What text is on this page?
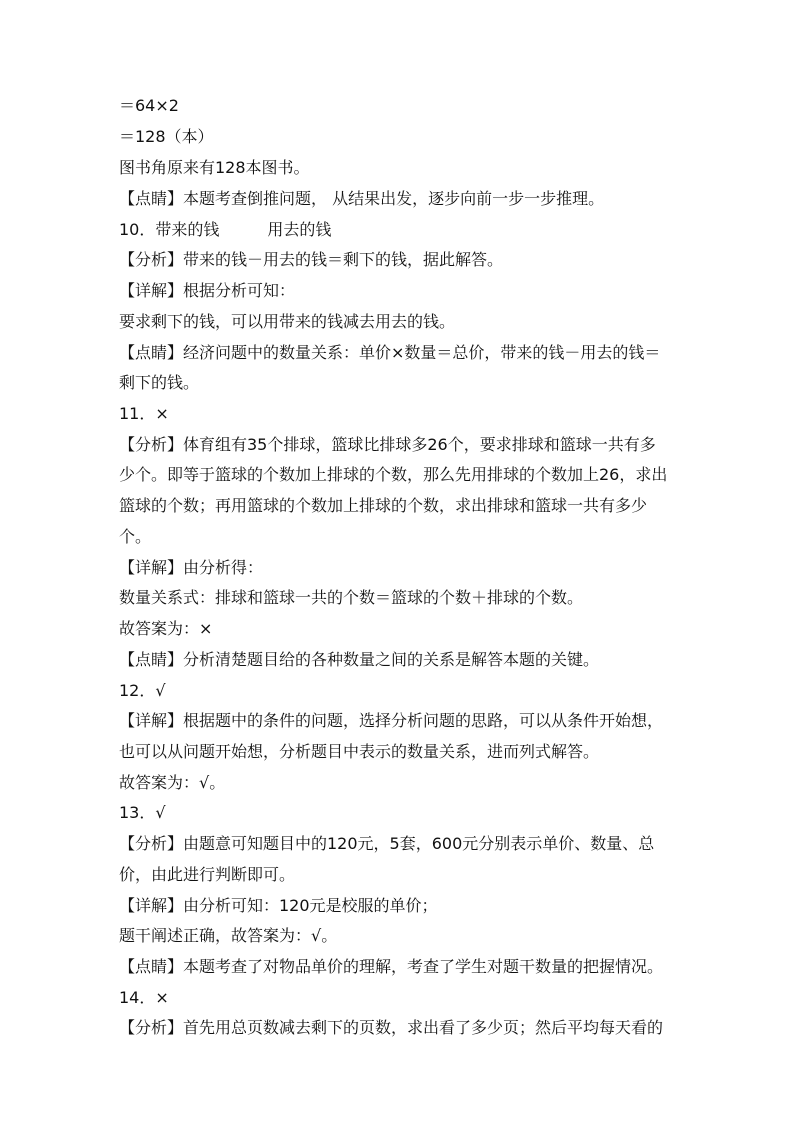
＝64×2
＝128（本）
图书角原来有128本图书。
【点睛】本题考查倒推问题， 从结果出发，逐步向前一步一步推理。
10．带来的钱　　　用去的钱
【分析】带来的钱－用去的钱＝剩下的钱，据此解答。
【详解】根据分析可知：
要求剩下的钱，可以用带来的钱减去用去的钱。
【点睛】经济问题中的数量关系：单价×数量＝总价，带来的钱－用去的钱＝
剩下的钱。
11．×
【分析】体育组有35个排球，篮球比排球多26个，要求排球和篮球一共有多
少个。即等于篮球的个数加上排球的个数，那么先用排球的个数加上26，求出
篮球的个数；再用篮球的个数加上排球的个数，求出排球和篮球一共有多少
个。
【详解】由分析得：
数量关系式：排球和篮球一共的个数＝篮球的个数＋排球的个数。
故答案为：×
【点睛】分析清楚题目给的各种数量之间的关系是解答本题的关键。
12．√
【详解】根据题中的条件的问题，选择分析问题的思路，可以从条件开始想，
也可以从问题开始想，分析题目中表示的数量关系，进而列式解答。
故答案为：√。
13．√
【分析】由题意可知题目中的120元，5套，600元分别表示单价、数量、总
价，由此进行判断即可。
【详解】由分析可知：120元是校服的单价；
题干阐述正确，故答案为：√。
【点睛】本题考查了对物品单价的理解，考查了学生对题干数量的把握情况。
14．×
【分析】首先用总页数减去剩下的页数，求出看了多少页；然后平均每天看的
